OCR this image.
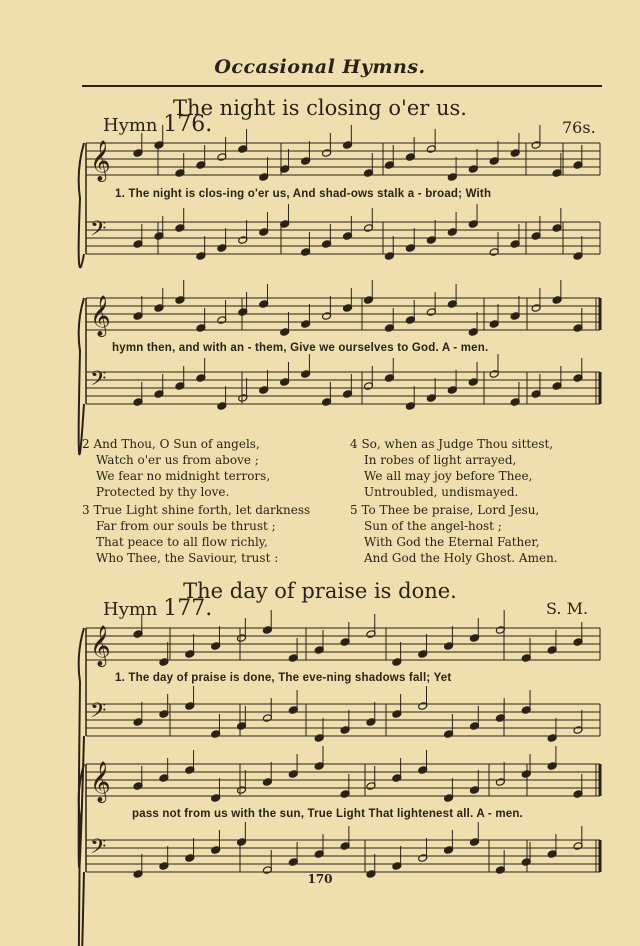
Occasional Hymns.
The night is closing o'er us.
Hymn 176.	76s.
𝄞
𝄢
𝄞
𝄢
𝄞
𝄢
𝄞
𝄢
1. The night is clos-ing o'er us, And shad-ows stalk a - broad; With
hymn then, and with an - them, Give we ourselves to God. A - men.
2 And Thou, O Sun of angels,
Watch o'er us from above ;
We fear no midnight terrors,
Protected by thy love.
3 True Light shine forth, let darkness
Far from our souls be thrust ;
That peace to all flow richly,
Who Thee, the Saviour, trust :
4 So, when as Judge Thou sittest,
In robes of light arrayed,
We all may joy before Thee,
Untroubled, undismayed.
5 To Thee be praise, Lord Jesu,
Sun of the angel-host ;
With God the Eternal Father,
And God the Holy Ghost. Amen.
The day of praise is done.
Hymn 177.	S. M.
1. The day of praise is done, The eve-ning shadows fall; Yet
pass not from us with the sun, True Light That lightenest all. A - men.
170
